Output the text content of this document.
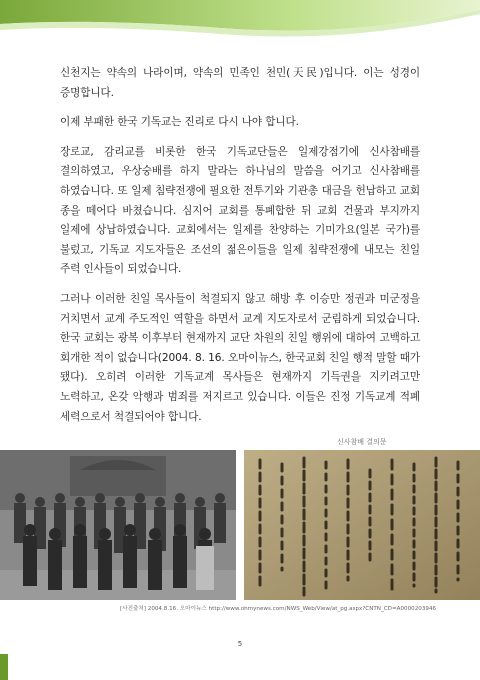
신천지는 약속의 나라이며, 약속의 민족인 천민(天民)입니다. 이는 성경이 증명합니다.

이제 부패한 한국 기독교는 진리로 다시 나야 합니다.

장로교, 감리교를 비롯한 한국 기독교단들은 일제강점기에 신사참배를 결의하였고, 우상숭배를 하지 말라는 하나님의 말씀을 어기고 신사참배를 하였습니다. 또 일제 침략전쟁에 필요한 전투기와 기관총 대금을 헌납하고 교회 종을 떼어다 바쳤습니다. 심지어 교회를 통폐합한 뒤 교회 건물과 부지까지 일제에 상납하였습니다. 교회에서는 일제를 찬양하는 기미가요(일본 국가)를 불렀고, 기독교 지도자들은 조선의 젊은이들을 일제 침략전쟁에 내모는 친일 주력 인사들이 되었습니다.

그러나 이러한 친일 목사들이 척결되지 않고 해방 후 이승만 정권과 미군정을 거치면서 교계 주도적인 역할을 하면서 교계 지도자로서 군림하게 되었습니다. 한국 교회는 광복 이후부터 현재까지 교단 차원의 친일 행위에 대하여 고백하고 회개한 적이 없습니다(2004. 8. 16. 오마이뉴스, 한국교회 친일 행적 말할 때가 됐다). 오히려 이러한 기독교계 목사들은 현재까지 기득권을 지키려고만 노력하고, 온갖 악행과 범죄를 저지르고 있습니다. 이들은 진정 기독교계 적폐 세력으로서 척결되어야 합니다.

신사참배 결의문
[사진출처] 2004.8.16. 오마이뉴스 http://www.ohmynews.com/NWS_Web/View/at_pg.aspx?CNTN_CD=A0000203946
5
